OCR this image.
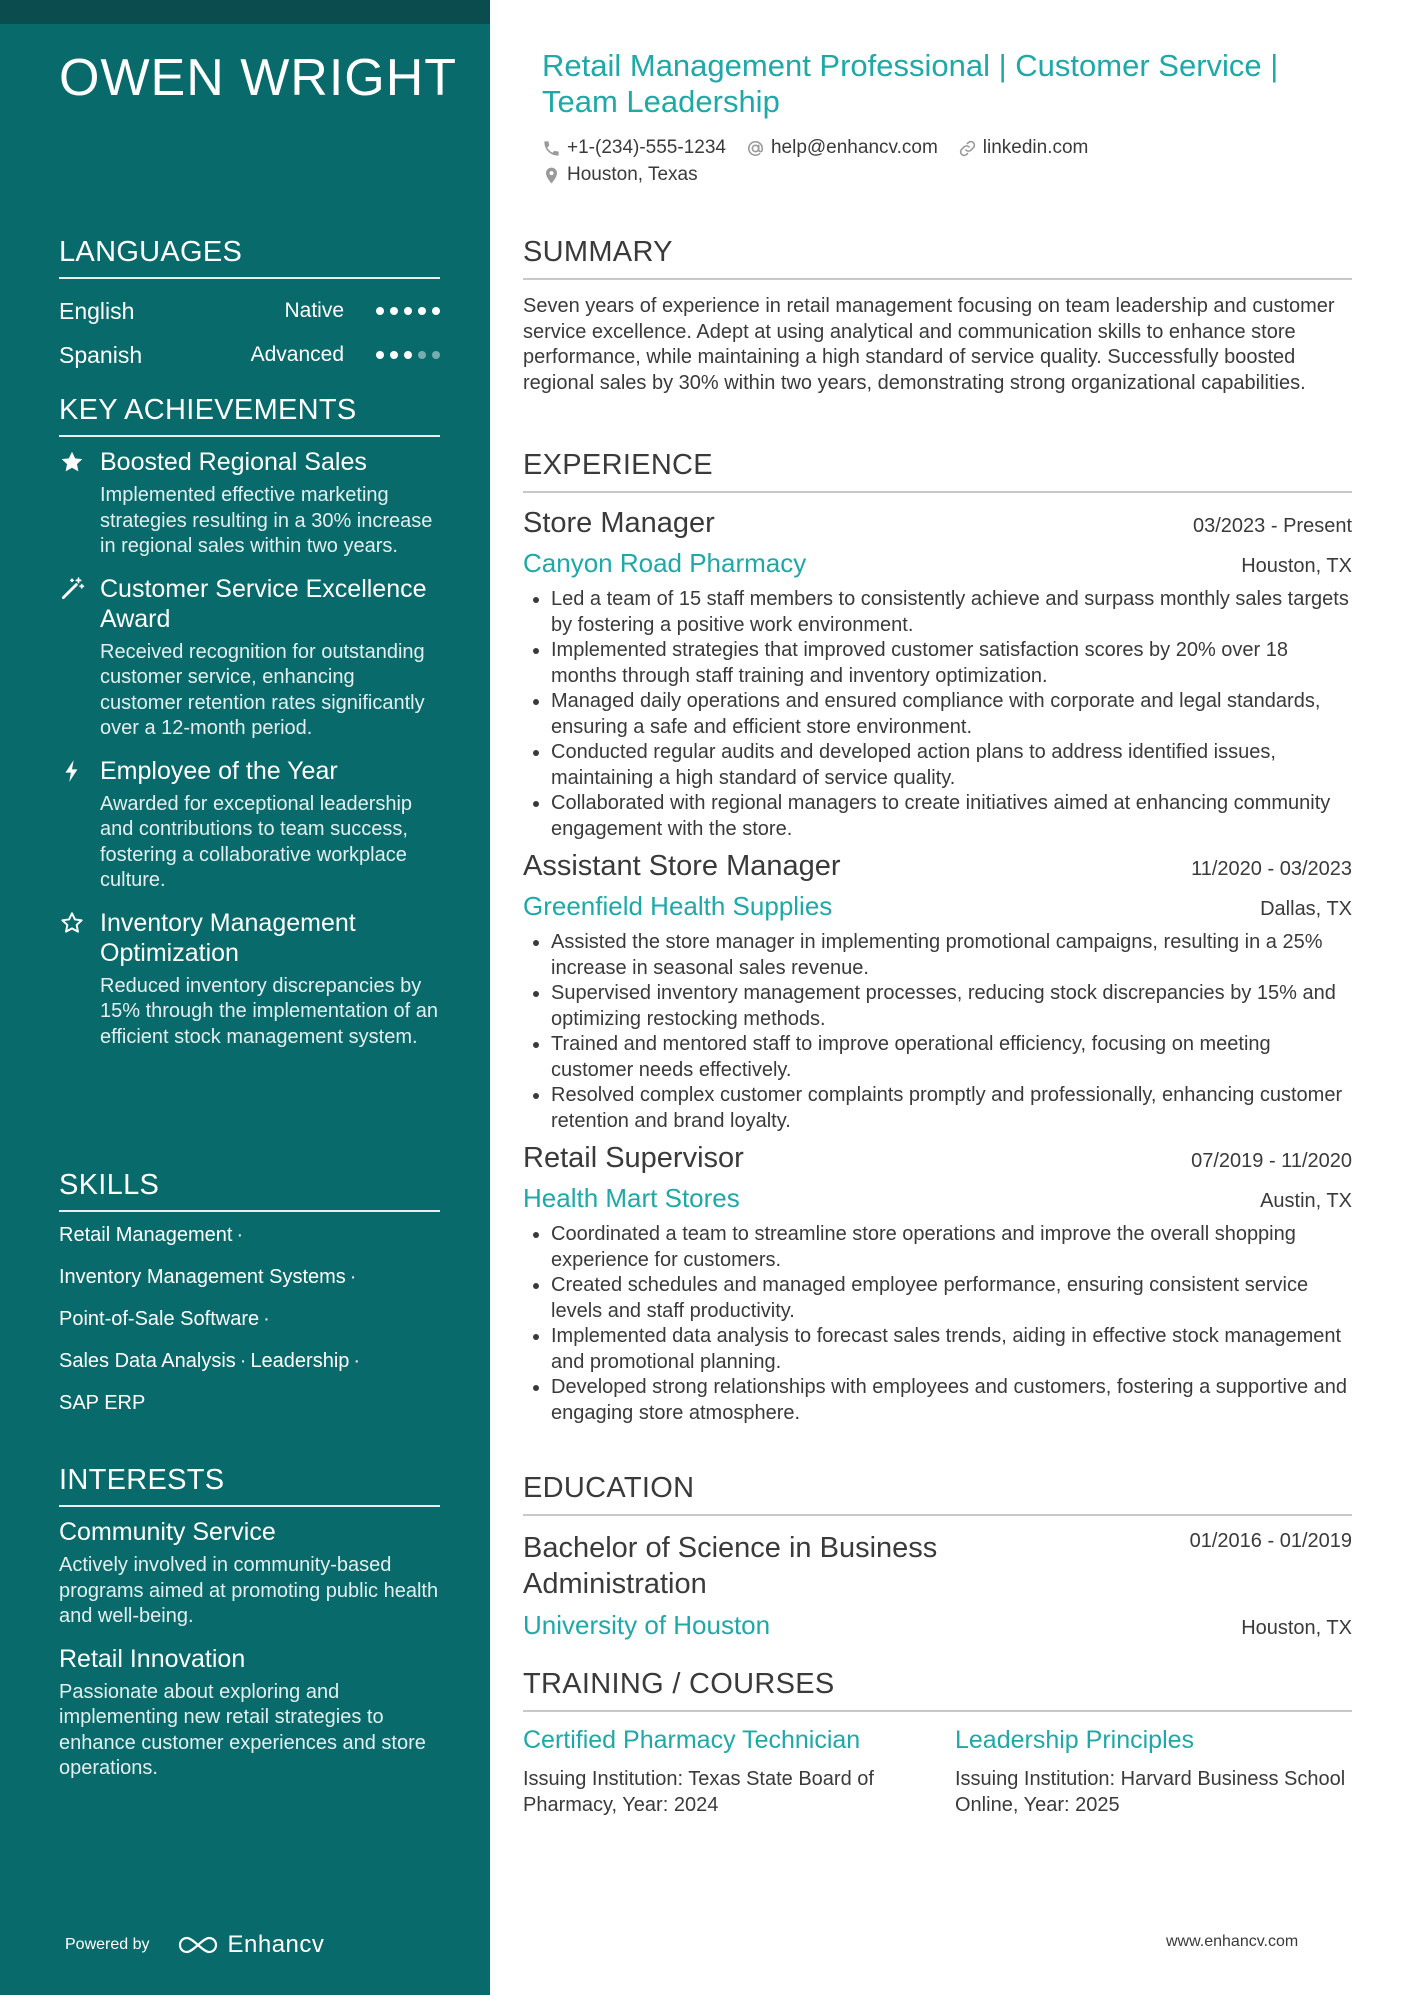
OWEN WRIGHT
LANGUAGES
English	Native
Spanish	Advanced
KEY ACHIEVEMENTS
Boosted Regional Sales
Implemented effective marketing strategies resulting in a 30% increase in regional sales within two years.
Customer Service Excellence Award
Received recognition for outstanding customer service, enhancing customer retention rates significantly over a 12-month period.
Employee of the Year
Awarded for exceptional leadership and contributions to team success, fostering a collaborative workplace culture.
Inventory Management Optimization
Reduced inventory discrepancies by 15% through the implementation of an efficient stock management system.
SKILLS
Retail Management ·
Inventory Management Systems ·
Point-of-Sale Software ·
Sales Data Analysis · Leadership ·
SAP ERP
INTERESTS
Community Service
Actively involved in community-based programs aimed at promoting public health and well-being.
Retail Innovation
Passionate about exploring and implementing new retail strategies to enhance customer experiences and store operations.
Powered by	Enhancv
Retail Management Professional | Customer Service | Team Leadership
+1-(234)-555-1234 help@enhancv.com linkedin.com
Houston, Texas
SUMMARY
Seven years of experience in retail management focusing on team leadership and customer service excellence. Adept at using analytical and communication skills to enhance store performance, while maintaining a high standard of service quality. Successfully boosted regional sales by 30% within two years, demonstrating strong organizational capabilities.
EXPERIENCE
Store Manager	03/2023 - Present
Canyon Road Pharmacy	Houston, TX
• Led a team of 15 staff members to consistently achieve and surpass monthly sales targets by fostering a positive work environment.
• Implemented strategies that improved customer satisfaction scores by 20% over 18 months through staff training and inventory optimization.
• Managed daily operations and ensured compliance with corporate and legal standards, ensuring a safe and efficient store environment.
• Conducted regular audits and developed action plans to address identified issues, maintaining a high standard of service quality.
• Collaborated with regional managers to create initiatives aimed at enhancing community engagement with the store.
Assistant Store Manager	11/2020 - 03/2023
Greenfield Health Supplies	Dallas, TX
• Assisted the store manager in implementing promotional campaigns, resulting in a 25% increase in seasonal sales revenue.
• Supervised inventory management processes, reducing stock discrepancies by 15% and optimizing restocking methods.
• Trained and mentored staff to improve operational efficiency, focusing on meeting customer needs effectively.
• Resolved complex customer complaints promptly and professionally, enhancing customer retention and brand loyalty.
Retail Supervisor	07/2019 - 11/2020
Health Mart Stores	Austin, TX
• Coordinated a team to streamline store operations and improve the overall shopping experience for customers.
• Created schedules and managed employee performance, ensuring consistent service levels and staff productivity.
• Implemented data analysis to forecast sales trends, aiding in effective stock management and promotional planning.
• Developed strong relationships with employees and customers, fostering a supportive and engaging store atmosphere.
EDUCATION
Bachelor of Science in Business Administration
01/2016 - 01/2019
University of Houston	Houston, TX
TRAINING / COURSES
Certified Pharmacy Technician
Issuing Institution: Texas State Board of Pharmacy, Year: 2024
Leadership Principles
Issuing Institution: Harvard Business School Online, Year: 2025
www.enhancv.com
